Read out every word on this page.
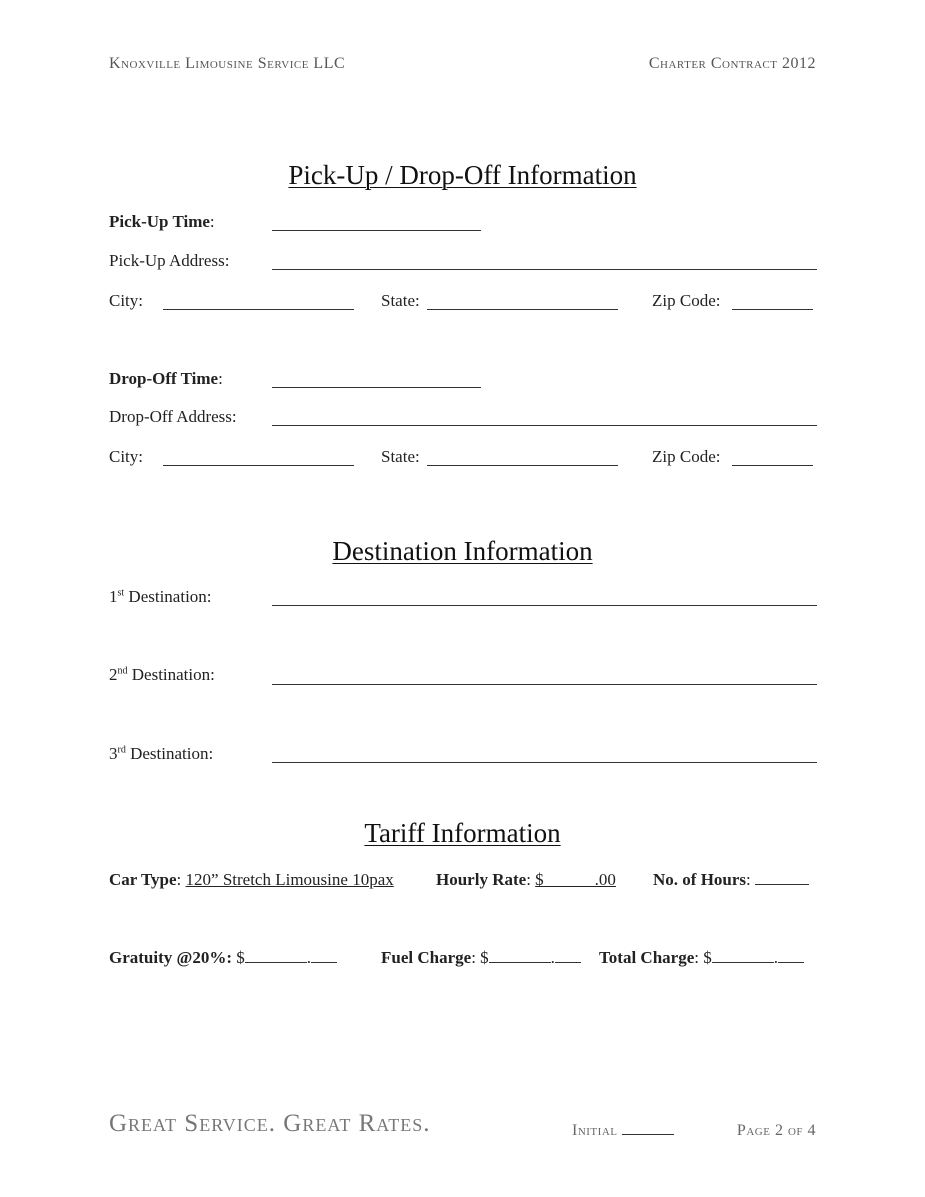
Knoxville Limousine Service LLC	Charter Contract 2012
Pick-Up / Drop-Off Information
Pick-Up Time:
Pick-Up Address:
City:	State:	Zip Code:
Drop-Off Time:
Drop-Off Address:
City:	State:	Zip Code:
Destination Information
1st Destination:
2nd Destination:
3rd Destination:
Tariff Information
Car Type: 120” Stretch Limousine 10pax Hourly Rate: $______.00 No. of Hours:
Gratuity @20%: $	.	Fuel Charge: $	.	Total Charge: $	.
Great Service. Great Rates.	Initial	Page 2 of 4
